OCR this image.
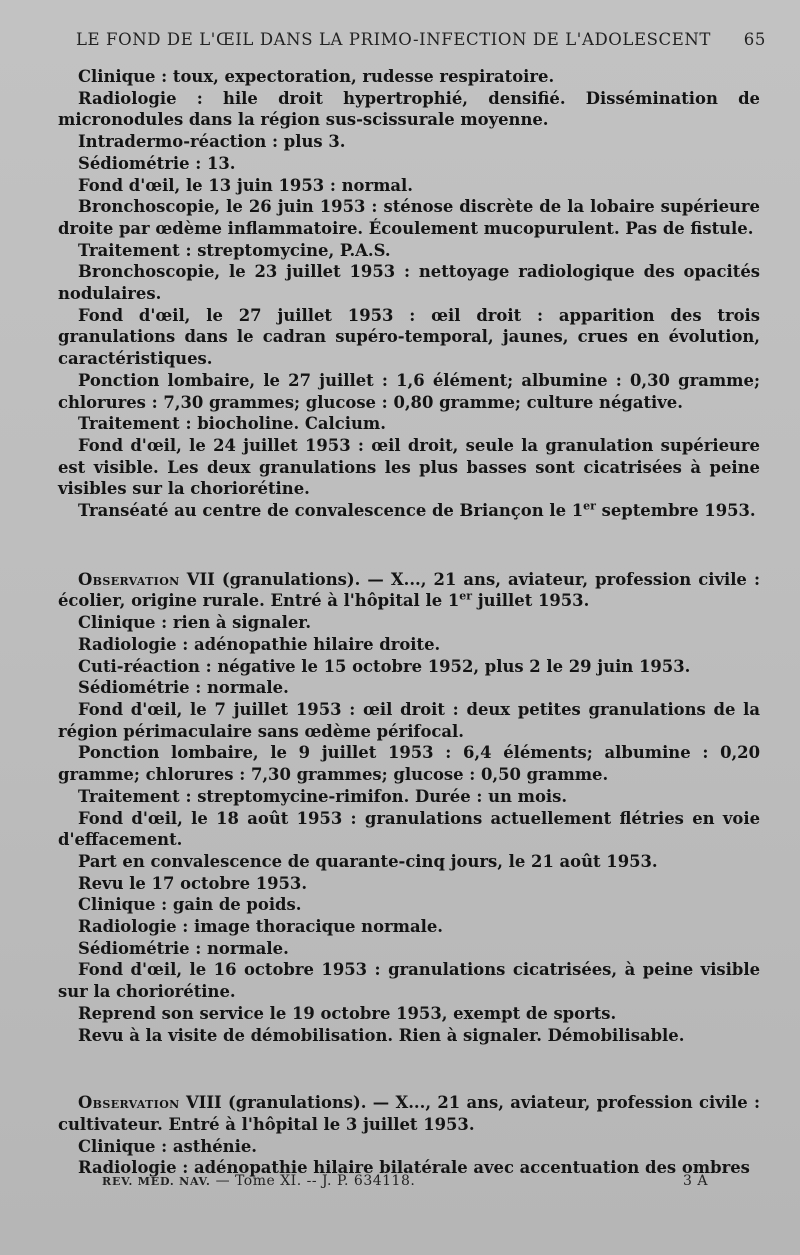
LE FOND DE L'ŒIL DANS LA PRIMO-INFECTION DE L'ADOLESCENT 65

Clinique : toux, expectoration, rudesse respiratoire.

Radiologie : hile droit hypertrophié, densifié. Dissémination de micronodules dans la région sus-scissurale moyenne.

Intradermo-réaction : plus 3.

Sédiométrie : 13.

Fond d'œil, le 13 juin 1953 : normal.

Bronchoscopie, le 26 juin 1953 : sténose discrète de la lobaire supérieure droite par œdème inflammatoire. Écoulement mucopurulent. Pas de fistule.

Traitement : streptomycine, P.A.S.

Bronchoscopie, le 23 juillet 1953 : nettoyage radiologique des opacités nodulaires.

Fond d'œil, le 27 juillet 1953 : œil droit : apparition des trois granulations dans le cadran supéro-temporal, jaunes, crues en évolution, caractéristiques.

Ponction lombaire, le 27 juillet : 1,6 élément; albumine : 0,30 gramme; chlorures : 7,30 grammes; glucose : 0,80 gramme; culture négative.

Traitement : biocholine. Calcium.

Fond d'œil, le 24 juillet 1953 : œil droit, seule la granulation supérieure est visible. Les deux granulations les plus basses sont cicatrisées à peine visibles sur la choriorétine.

Transéaté au centre de convalescence de Briançon le 1er septembre 1953.

Observation VII (granulations). — X..., 21 ans, aviateur, profession civile : écolier, origine rurale. Entré à l'hôpital le 1er juillet 1953.

Clinique : rien à signaler.

Radiologie : adénopathie hilaire droite.

Cuti-réaction : négative le 15 octobre 1952, plus 2 le 29 juin 1953.

Sédiométrie : normale.

Fond d'œil, le 7 juillet 1953 : œil droit : deux petites granulations de la région périmaculaire sans œdème périfocal.

Ponction lombaire, le 9 juillet 1953 : 6,4 éléments; albumine : 0,20 gramme; chlorures : 7,30 grammes; glucose : 0,50 gramme.

Traitement : streptomycine-rimifon. Durée : un mois.

Fond d'œil, le 18 août 1953 : granulations actuellement flétries en voie d'effacement.

Part en convalescence de quarante-cinq jours, le 21 août 1953.

Revu le 17 octobre 1953.

Clinique : gain de poids.

Radiologie : image thoracique normale.

Sédiométrie : normale.

Fond d'œil, le 16 octobre 1953 : granulations cicatrisées, à peine visible sur la choriorétine.

Reprend son service le 19 octobre 1953, exempt de sports.

Revu à la visite de démobilisation. Rien à signaler. Démobilisable.

Observation VIII (granulations). — X..., 21 ans, aviateur, profession civile : cultivateur. Entré à l'hôpital le 3 juillet 1953.

Clinique : asthénie.

Radiologie : adénopathie hilaire bilatérale avec accentuation des ombres

REV. MÉD. NAV. — Tome XI. -- J. P. 634118.	3 A
